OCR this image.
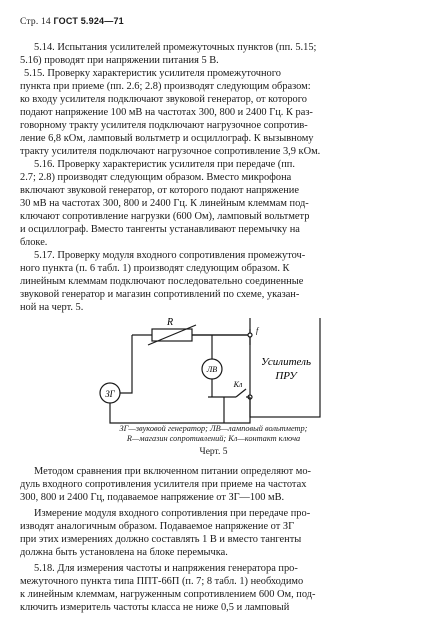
Стр. 14 ГОСТ 5.924—71
5.14. Испытания усилителей промежуточных пунктов (пп. 5.15;
5.16) проводят при напряжении питания 5 В.
5.15. Проверку характеристик усилителя промежуточного
пункта при приеме (пп. 2.6; 2.8) производят следующим образом:
ко входу усилителя подключают звуковой генератор, от которого
подают напряжение 100 мВ на частотах 300, 800 и 2400 Гц. К раз-
говорному тракту усилителя подключают нагрузочное сопротив-
ление 6,8 кОм, ламповый вольтметр и осциллограф. К вызывному
тракту усилителя подключают нагрузочное сопротивление 3,9 кОм.
5.16. Проверку характеристик усилителя при передаче (пп.
2.7; 2.8) производят следующим образом. Вместо микрофона
включают звуковой генератор, от которого подают напряжение
30 мВ на частотах 300, 800 и 2400 Гц. К линейным клеммам под-
ключают сопротивление нагрузки (600 Ом), ламповый вольтметр
и осциллограф. Вместо тангенты устанавливают перемычку на
блоке.
5.17. Проверку модуля входного сопротивления промежуточ-
ного пункта (п. 6 табл. 1) производят следующим образом. К
линейным клеммам подключают последовательно соединенные
звуковой генератор и магазин сопротивлений по схеме, указан-
ной на черт. 5.
ЗГ
R
ЛВ
Кл
f
Усилитель
ПРУ
ЗГ—звуковой генератор; ЛВ—ламповый вольтметр;
R—магазин сопротивлений; Кл—контакт ключа
Черт. 5
Методом сравнения при включенном питании определяют мо-
дуль входного сопротивления усилителя при приеме на частотах
300, 800 и 2400 Гц, подаваемое напряжение от ЗГ—100 мВ.
Измерение модуля входного сопротивления при передаче про-
изводят аналогичным образом. Подаваемое напряжение от ЗГ
при этих измерениях должно составлять 1 В и вместо тангенты
должна быть установлена на блоке перемычка.
5.18. Для измерения частоты и напряжения генератора про-
межуточного пункта типа ППТ-66П (п. 7; 8 табл. 1) необходимо
к линейным клеммам, нагруженным сопротивлением 600 Ом, под-
ключить измеритель частоты класса не ниже 0,5 и ламповый
